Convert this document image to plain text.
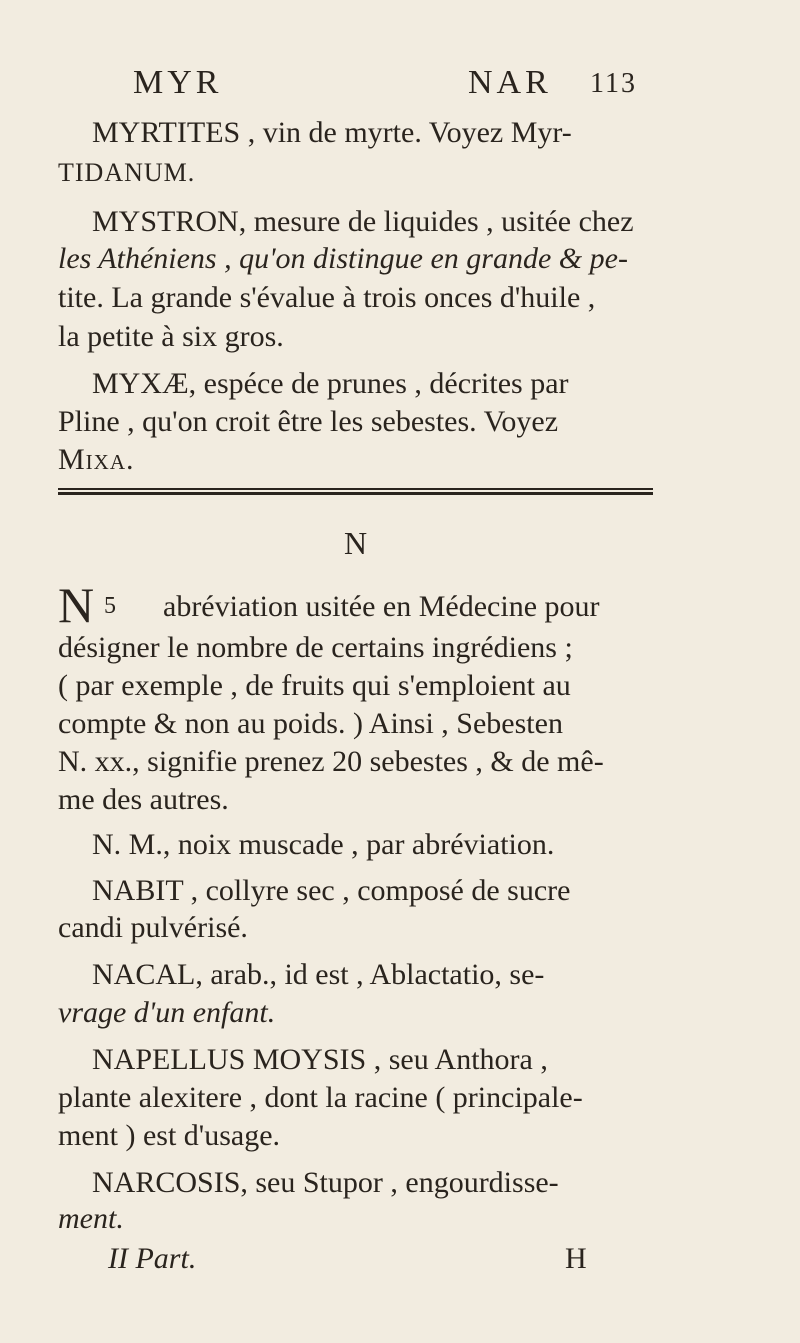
MYR	NAR 113
MYRTITES , vin de myrte. Voyez Myr-
TIDANUM.
MYSTRON, mesure de liquides , usitée chez
les Athéniens , qu'on distingue en grande & pe-
tite. La grande s'évalue à trois onces d'huile ,
la petite à six gros.
MYXÆ, espéce de prunes , décrites par
Pline , qu'on croit être les sebestes. Voyez
Mixa.
N
N 5 abréviation usitée en Médecine pour
désigner le nombre de certains ingrédiens ;
( par exemple , de fruits qui s'emploient au
compte & non au poids. ) Ainsi , Sebesten
N. xx., signifie prenez 20 sebestes , & de mê-
me des autres.
N. M., noix muscade , par abréviation.
NABIT , collyre sec , composé de sucre
candi pulvérisé.
NACAL, arab., id est , Ablactatio, se-
vrage d'un enfant.
NAPELLUS MOYSIS , seu Anthora ,
plante alexitere , dont la racine ( principale-
ment ) est d'usage.
NARCOSIS, seu Stupor , engourdisse-
ment.
II Part.	H
